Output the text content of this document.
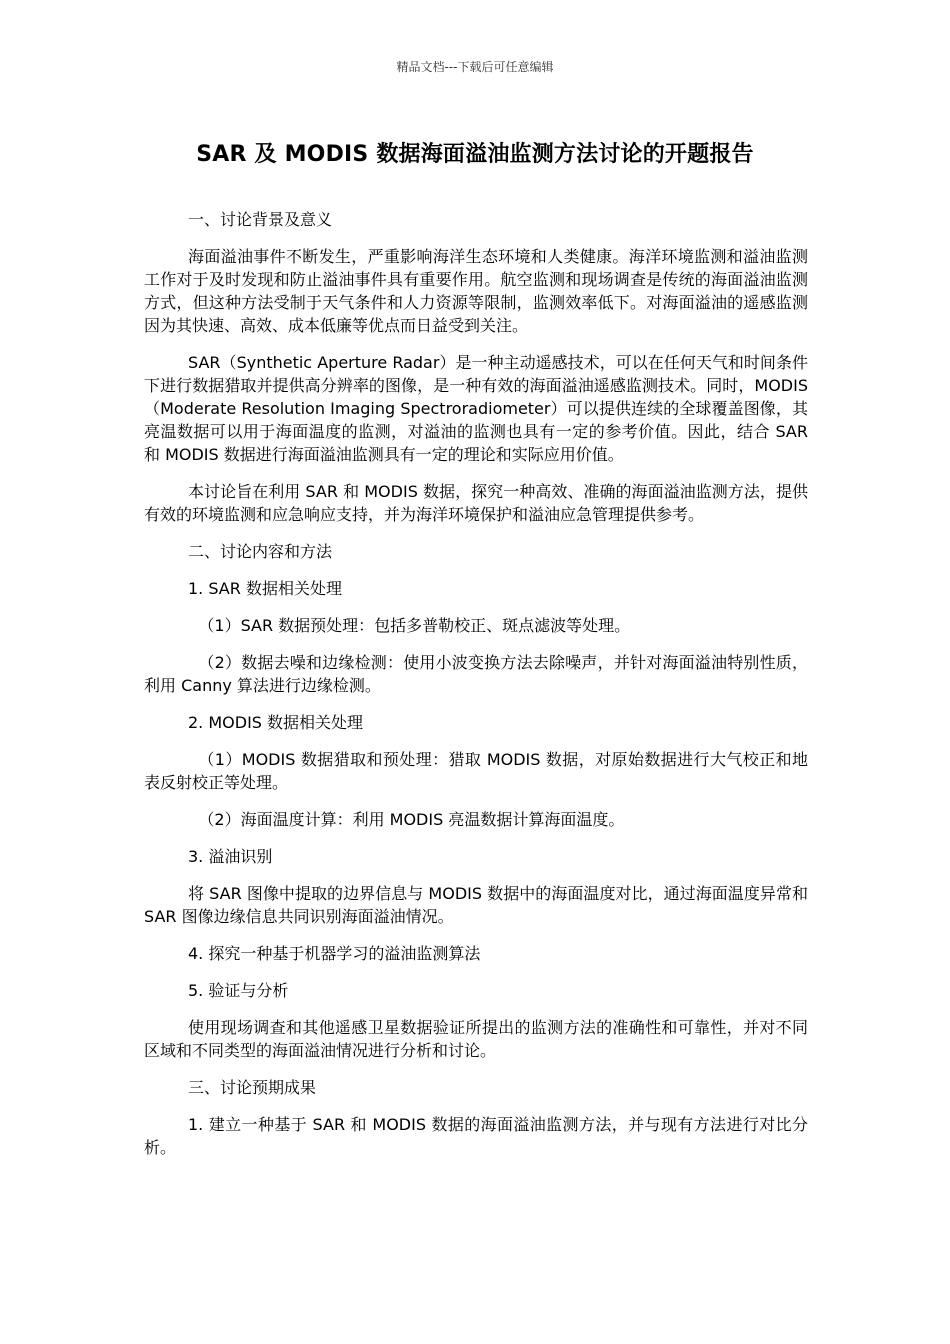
精品文档---下载后可任意编辑
SAR 及 MODIS 数据海面溢油监测方法讨论的开题报告

一、讨论背景及意义

海面溢油事件不断发生，严重影响海洋生态环境和人类健康。海洋环境监测和溢油监测工作对于及时发现和防止溢油事件具有重要作用。航空监测和现场调查是传统的海面溢油监测方式，但这种方法受制于天气条件和人力资源等限制，监测效率低下。对海面溢油的遥感监测因为其快速、高效、成本低廉等优点而日益受到关注。

SAR（Synthetic Aperture Radar）是一种主动遥感技术，可以在任何天气和时间条件下进行数据猎取并提供高分辨率的图像，是一种有效的海面溢油遥感监测技术。同时，MODIS（Moderate Resolution Imaging Spectroradiometer）可以提供连续的全球覆盖图像，其亮温数据可以用于海面温度的监测，对溢油的监测也具有一定的参考价值。因此，结合 SAR 和 MODIS 数据进行海面溢油监测具有一定的理论和实际应用价值。

本讨论旨在利用 SAR 和 MODIS 数据，探究一种高效、准确的海面溢油监测方法，提供有效的环境监测和应急响应支持，并为海洋环境保护和溢油应急管理提供参考。

二、讨论内容和方法

1. SAR 数据相关处理

（1）SAR 数据预处理：包括多普勒校正、斑点滤波等处理。

（2）数据去噪和边缘检测：使用小波变换方法去除噪声，并针对海面溢油特别性质，利用 Canny 算法进行边缘检测。

2. MODIS 数据相关处理

（1）MODIS 数据猎取和预处理：猎取 MODIS 数据，对原始数据进行大气校正和地表反射校正等处理。

（2）海面温度计算：利用 MODIS 亮温数据计算海面温度。

3. 溢油识别

将 SAR 图像中提取的边界信息与 MODIS 数据中的海面温度对比，通过海面温度异常和 SAR 图像边缘信息共同识别海面溢油情况。

4. 探究一种基于机器学习的溢油监测算法

5. 验证与分析

使用现场调查和其他遥感卫星数据验证所提出的监测方法的准确性和可靠性，并对不同区域和不同类型的海面溢油情况进行分析和讨论。

三、讨论预期成果

1. 建立一种基于 SAR 和 MODIS 数据的海面溢油监测方法，并与现有方法进行对比分析。
